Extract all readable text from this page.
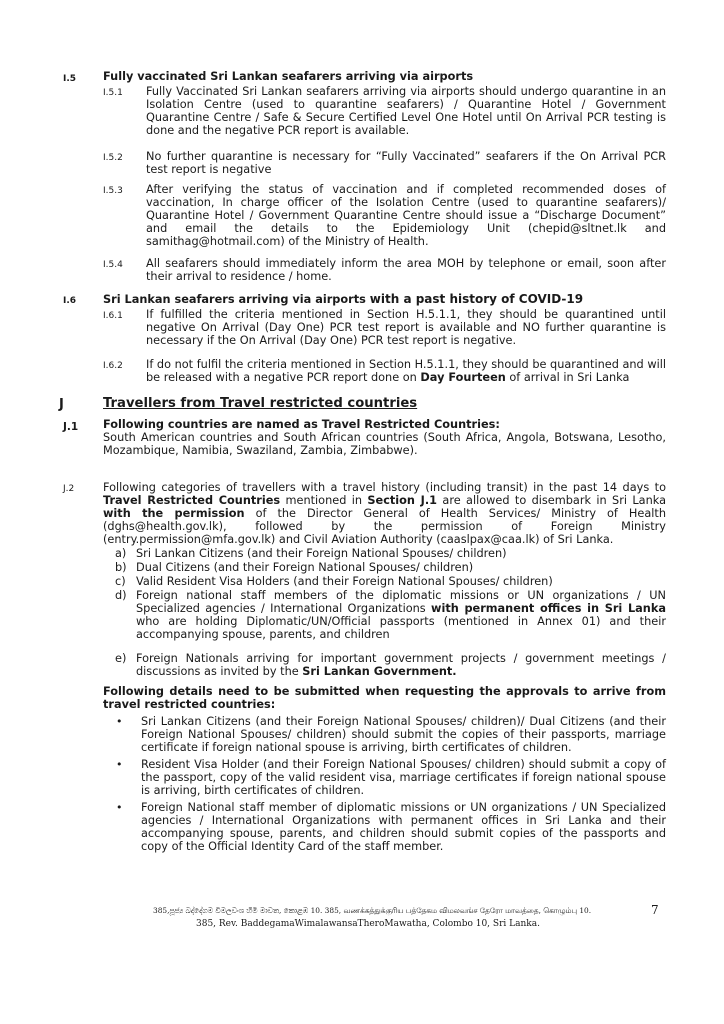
I.5 Fully vaccinated Sri Lankan seafarers arriving via airports
I.5.1 Fully Vaccinated Sri Lankan seafarers arriving via airports should undergo quarantine in an Isolation Centre (used to quarantine seafarers) / Quarantine Hotel / Government Quarantine Centre / Safe & Secure Certified Level One Hotel until On Arrival PCR testing is done and the negative PCR report is available.
I.5.2 No further quarantine is necessary for “Fully Vaccinated” seafarers if the On Arrival PCR test report is negative
I.5.3 After verifying the status of vaccination and if completed recommended doses of vaccination, In charge officer of the Isolation Centre (used to quarantine seafarers)/ Quarantine Hotel / Government Quarantine Centre should issue a “Discharge Document” and email the details to the Epidemiology Unit (chepid@sltnet.lk and samithag@hotmail.com) of the Ministry of Health.
I.5.4 All seafarers should immediately inform the area MOH by telephone or email, soon after their arrival to residence / home.
I.6 Sri Lankan seafarers arriving via airports with a past history of COVID-19
I.6.1 If fulfilled the criteria mentioned in Section H.5.1.1, they should be quarantined until negative On Arrival (Day One) PCR test report is available and NO further quarantine is necessary if the On Arrival (Day One) PCR test report is negative.
I.6.2 If do not fulfil the criteria mentioned in Section H.5.1.1, they should be quarantined and will be released with a negative PCR report done on Day Fourteen of arrival in Sri Lanka
J	Travellers from Travel restricted countries
J.1 Following countries are named as Travel Restricted Countries:
South American countries and South African countries (South Africa, Angola, Botswana, Lesotho, Mozambique, Namibia, Swaziland, Zambia, Zimbabwe).
J.2	Following categories of travellers with a travel history (including transit) in the past 14 days to Travel Restricted Countries mentioned in Section J.1 are allowed to disembark in Sri Lanka with the permission of the Director General of Health Services/ Ministry of Health (dghs@health.gov.lk), followed by the permission of Foreign Ministry (entry.permission@mfa.gov.lk) and Civil Aviation Authority (caaslpax@caa.lk) of Sri Lanka.
a) Sri Lankan Citizens (and their Foreign National Spouses/ children)
b) Dual Citizens (and their Foreign National Spouses/ children)
c) Valid Resident Visa Holders (and their Foreign National Spouses/ children)
d) Foreign national staff members of the diplomatic missions or UN organizations / UN Specialized agencies / International Organizations with permanent offices in Sri Lanka who are holding Diplomatic/UN/Official passports (mentioned in Annex 01) and their accompanying spouse, parents, and children
e) Foreign Nationals arriving for important government projects / government meetings / discussions as invited by the Sri Lankan Government.
Following details need to be submitted when requesting the approvals to arrive from travel restricted countries:
• Sri Lankan Citizens (and their Foreign National Spouses/ children)/ Dual Citizens (and their Foreign National Spouses/ children) should submit the copies of their passports, marriage certificate if foreign national spouse is arriving, birth certificates of children.
• Resident Visa Holder (and their Foreign National Spouses/ children) should submit a copy of the passport, copy of the valid resident visa, marriage certificates if foreign national spouse is arriving, birth certificates of children.
• Foreign National staff member of diplomatic missions or UN organizations / UN Specialized agencies / International Organizations with permanent offices in Sri Lanka and their accompanying spouse, parents, and children should submit copies of the passports and copy of the Official Identity Card of the staff member.
385,පූජ්‍ය බද්දේගම විමලවංශ හිමි මාවත, කොළඹ 10. 385, வணக்கத்துக்குரிய பத்தேகம விமலவங்ச தேரோ மாவத்தை, கொழும்பு 10.
385, Rev. BaddegamaWimalawansaTheroMawatha, Colombo 10, Sri Lanka.
7
